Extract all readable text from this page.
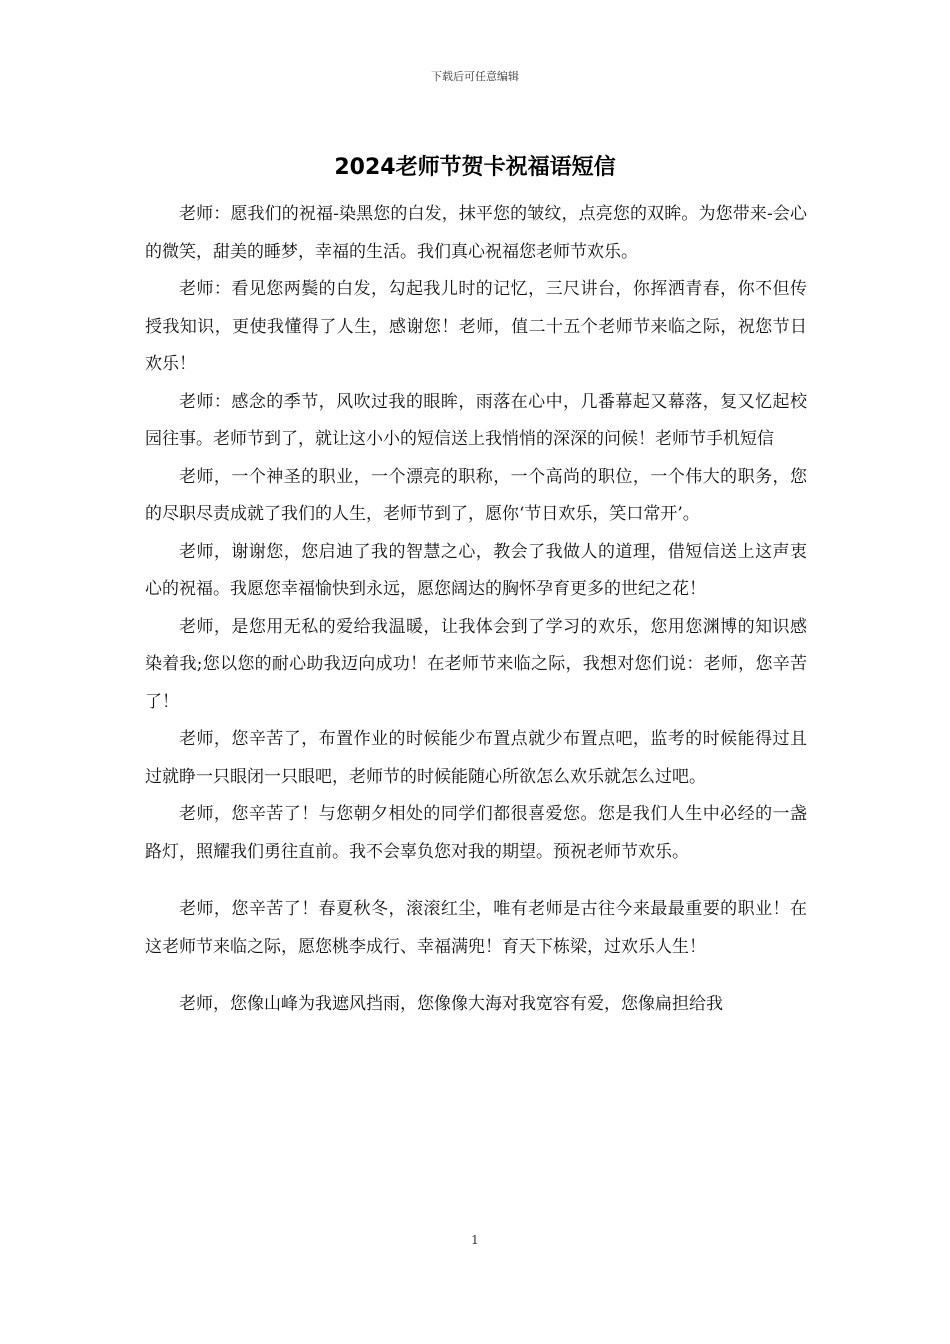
下载后可任意编辑
2024老师节贺卡祝福语短信

老师：愿我们的祝福-染黑您的白发，抹平您的皱纹，点亮您的双眸。为您带来-会心的微笑，甜美的睡梦，幸福的生活。我们真心祝福您老师节欢乐。

老师：看见您两鬓的白发，勾起我儿时的记忆，三尺讲台，你挥洒青春，你不但传授我知识，更使我懂得了人生，感谢您！老师，值二十五个老师节来临之际，祝您节日欢乐！

老师：感念的季节，风吹过我的眼眸，雨落在心中，几番幕起又幕落，复又忆起校园往事。老师节到了，就让这小小的短信送上我悄悄的深深的问候！老师节手机短信

老师，一个神圣的职业，一个漂亮的职称，一个高尚的职位，一个伟大的职务，您的尽职尽责成就了我们的人生，老师节到了，愿你‘节日欢乐，笑口常开’。

老师，谢谢您，您启迪了我的智慧之心，教会了我做人的道理，借短信送上这声衷心的祝福。我愿您幸福愉快到永远，愿您阔达的胸怀孕育更多的世纪之花！

老师，是您用无私的爱给我温暖，让我体会到了学习的欢乐，您用您渊博的知识感染着我;您以您的耐心助我迈向成功！在老师节来临之际，我想对您们说：老师，您辛苦了！

老师，您辛苦了，布置作业的时候能少布置点就少布置点吧，监考的时候能得过且过就睁一只眼闭一只眼吧，老师节的时候能随心所欲怎么欢乐就怎么过吧。

老师，您辛苦了！与您朝夕相处的同学们都很喜爱您。您是我们人生中必经的一盏路灯，照耀我们勇往直前。我不会辜负您对我的期望。预祝老师节欢乐。

老师，您辛苦了！春夏秋冬，滚滚红尘，唯有老师是古往今来最最重要的职业！在这老师节来临之际，愿您桃李成行、幸福满兜！育天下栋梁，过欢乐人生！

老师，您像山峰为我遮风挡雨，您像像大海对我宽容有爱，您像扁担给我

1
